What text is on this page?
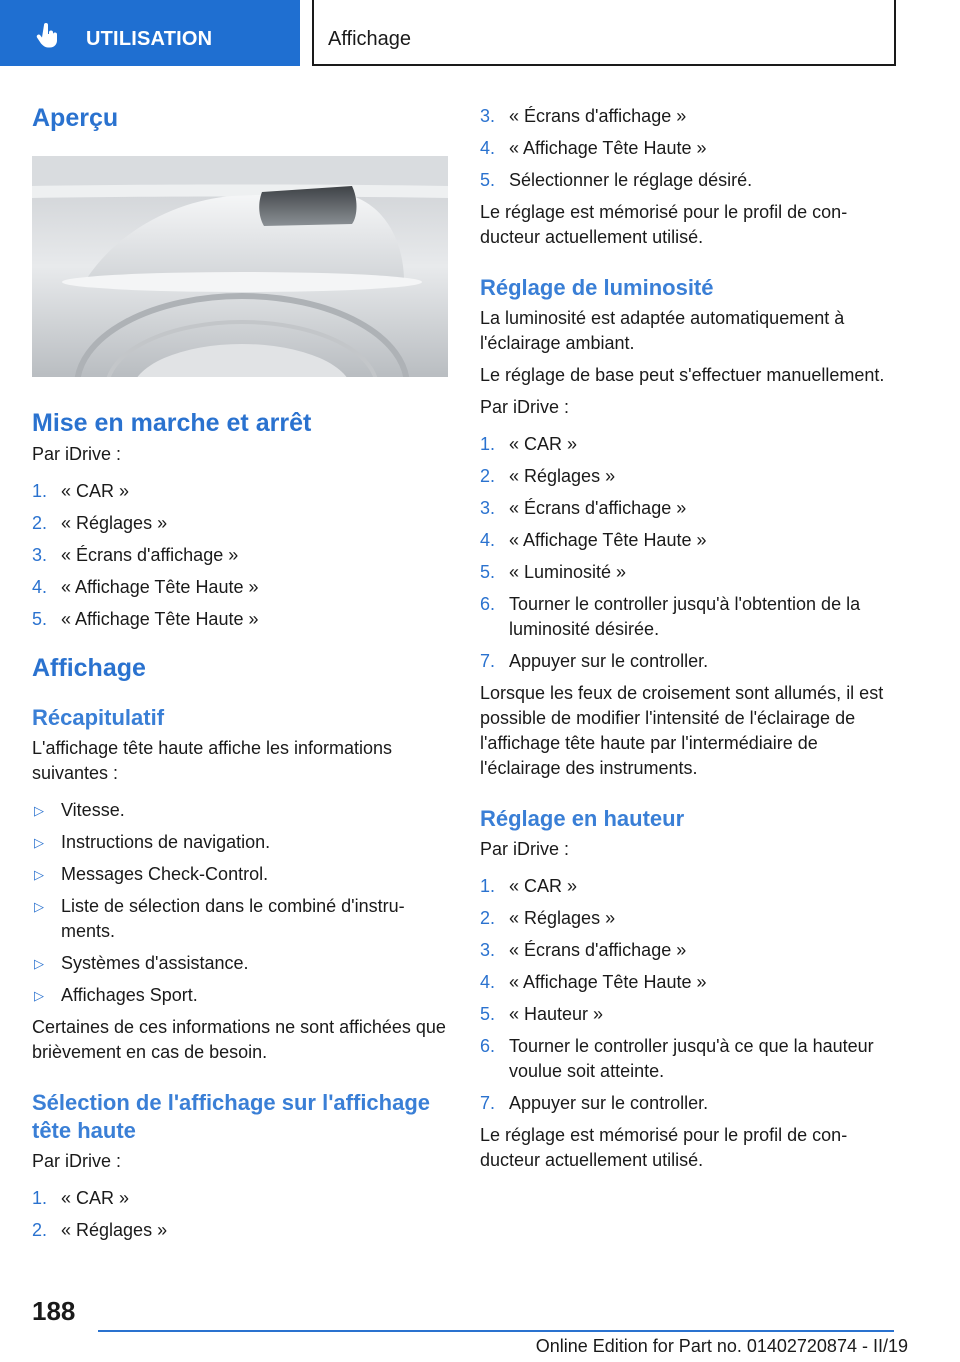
UTILISATION	Affichage
Aperçu
Mise en marche et arrêt
Par iDrive :
1. « CAR »
2. « Réglages »
3. « Écrans d'affichage »
4. « Affichage Tête Haute »
5. « Affichage Tête Haute »
Affichage
Récapitulatif
L'affichage tête haute affiche les informations suivantes :
▷ Vitesse.
▷ Instructions de navigation.
▷ Messages Check-Control.
▷ Liste de sélection dans le combiné d'instruments.
▷ Systèmes d'assistance.
▷ Affichages Sport.
Certaines de ces informations ne sont affichées que brièvement en cas de besoin.
Sélection de l'affichage sur l'affichage tête haute
Par iDrive :
1. « CAR »
2. « Réglages »
3. « Écrans d'affichage »
4. « Affichage Tête Haute »
5. Sélectionner le réglage désiré.
Le réglage est mémorisé pour le profil de conducteur actuellement utilisé.
Réglage de luminosité
La luminosité est adaptée automatiquement à l'éclairage ambiant.
Le réglage de base peut s'effectuer manuellement.
Par iDrive :
1. « CAR »
2. « Réglages »
3. « Écrans d'affichage »
4. « Affichage Tête Haute »
5. « Luminosité »
6. Tourner le controller jusqu'à l'obtention de la luminosité désirée.
7. Appuyer sur le controller.
Lorsque les feux de croisement sont allumés, il est possible de modifier l'intensité de l'éclairage de l'affichage tête haute par l'intermédiaire de l'éclairage des instruments.
Réglage en hauteur
Par iDrive :
1. « CAR »
2. « Réglages »
3. « Écrans d'affichage »
4. « Affichage Tête Haute »
5. « Hauteur »
6. Tourner le controller jusqu'à ce que la hauteur voulue soit atteinte.
7. Appuyer sur le controller.
Le réglage est mémorisé pour le profil de conducteur actuellement utilisé.
188
Online Edition for Part no. 01402720874 - II/19
